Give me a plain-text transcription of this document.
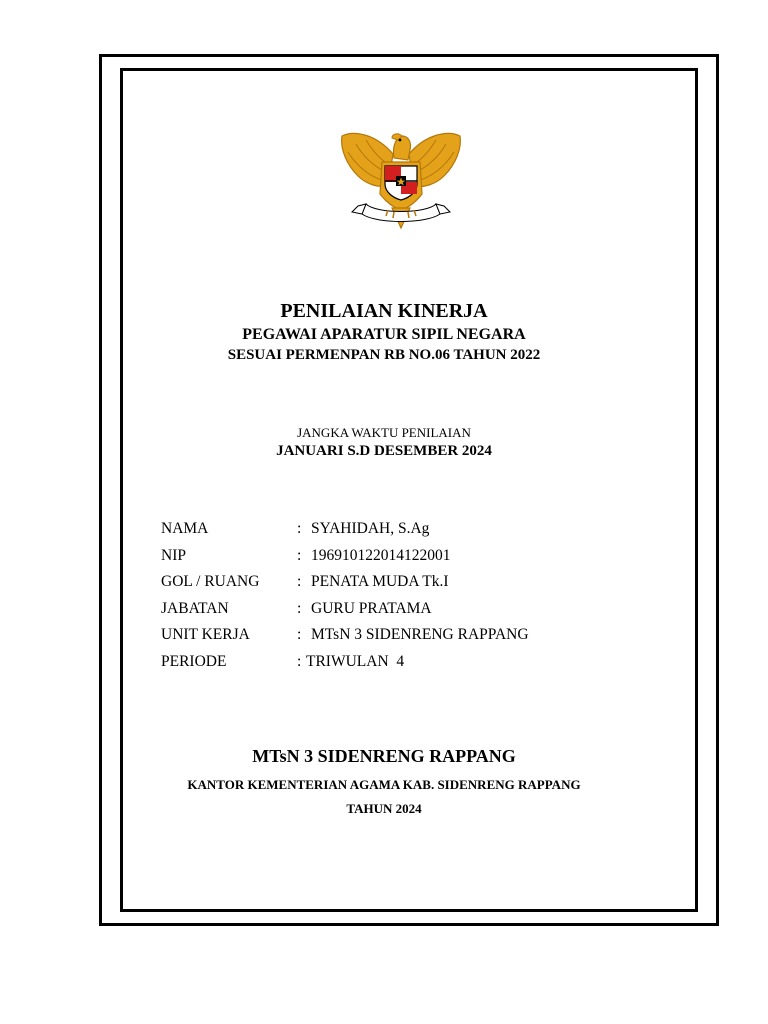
PENILAIAN KINERJA
PEGAWAI APARATUR SIPIL NEGARA
SESUAI PERMENPAN RB NO.06 TAHUN 2022
JANGKA WAKTU PENILAIAN
JANUARI S.D DESEMBER 2024
NAMA	: SYAHIDAH, S.Ag
NIP	: 196910122014122001
GOL / RUANG : PENATA MUDA Tk.I
JABATAN	: GURU PRATAMA
UNIT KERJA	: MTsN 3 SIDENRENG RAPPANG
PERIODE	: TRIWULAN  4
MTsN 3 SIDENRENG RAPPANG
KANTOR KEMENTERIAN AGAMA KAB. SIDENRENG RAPPANG
TAHUN 2024
